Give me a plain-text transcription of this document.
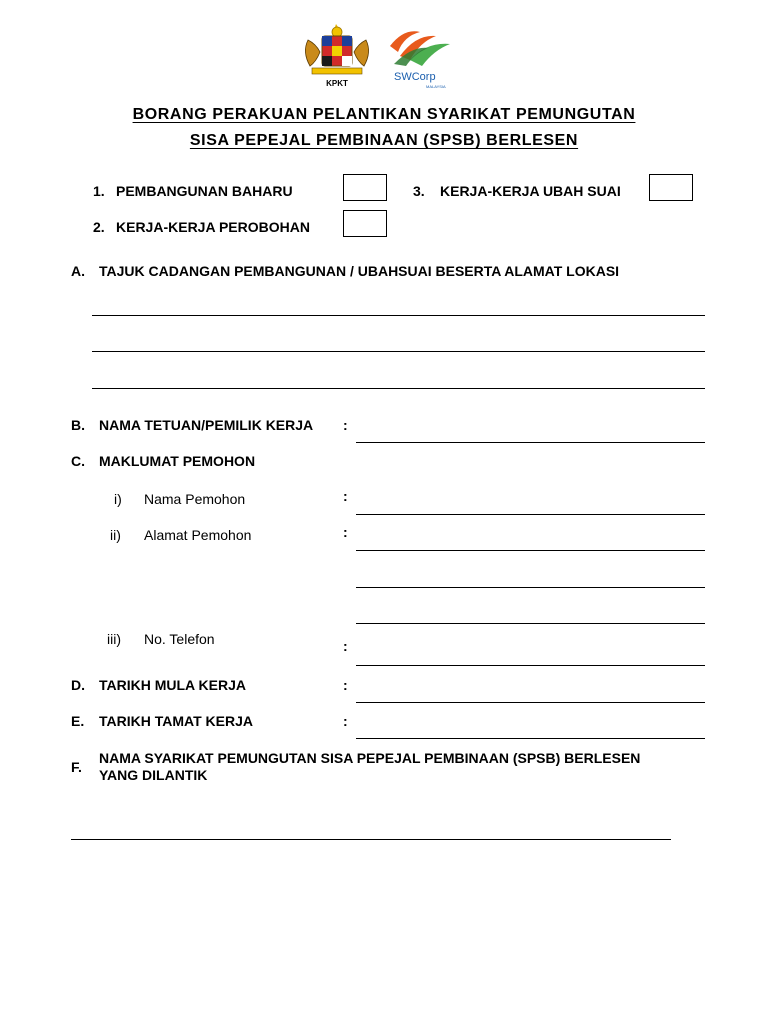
KPKT
SWCorp
MALAYSIA
BORANG PERAKUAN PELANTIKAN SYARIKAT PEMUNGUTAN
SISA PEPEJAL PEMBINAAN (SPSB) BERLESEN
1. PEMBANGUNAN BAHARU	3. KERJA-KERJA UBAH SUAI
2. KERJA-KERJA PEROBOHAN
A. TAJUK CADANGAN PEMBANGUNAN / UBAHSUAI BESERTA ALAMAT LOKASI
B. NAMA TETUAN/PEMILIK KERJA :
C. MAKLUMAT PEMOHON
i) Nama Pemohon	:
ii) Alamat Pemohon	:
iii) No. Telefon	:
D. TARIKH MULA KERJA	:
E. TARIKH TAMAT KERJA	:
F.
NAMA SYARIKAT PEMUNGUTAN SISA PEPEJAL PEMBINAAN (SPSB) BERLESEN
YANG DILANTIK
